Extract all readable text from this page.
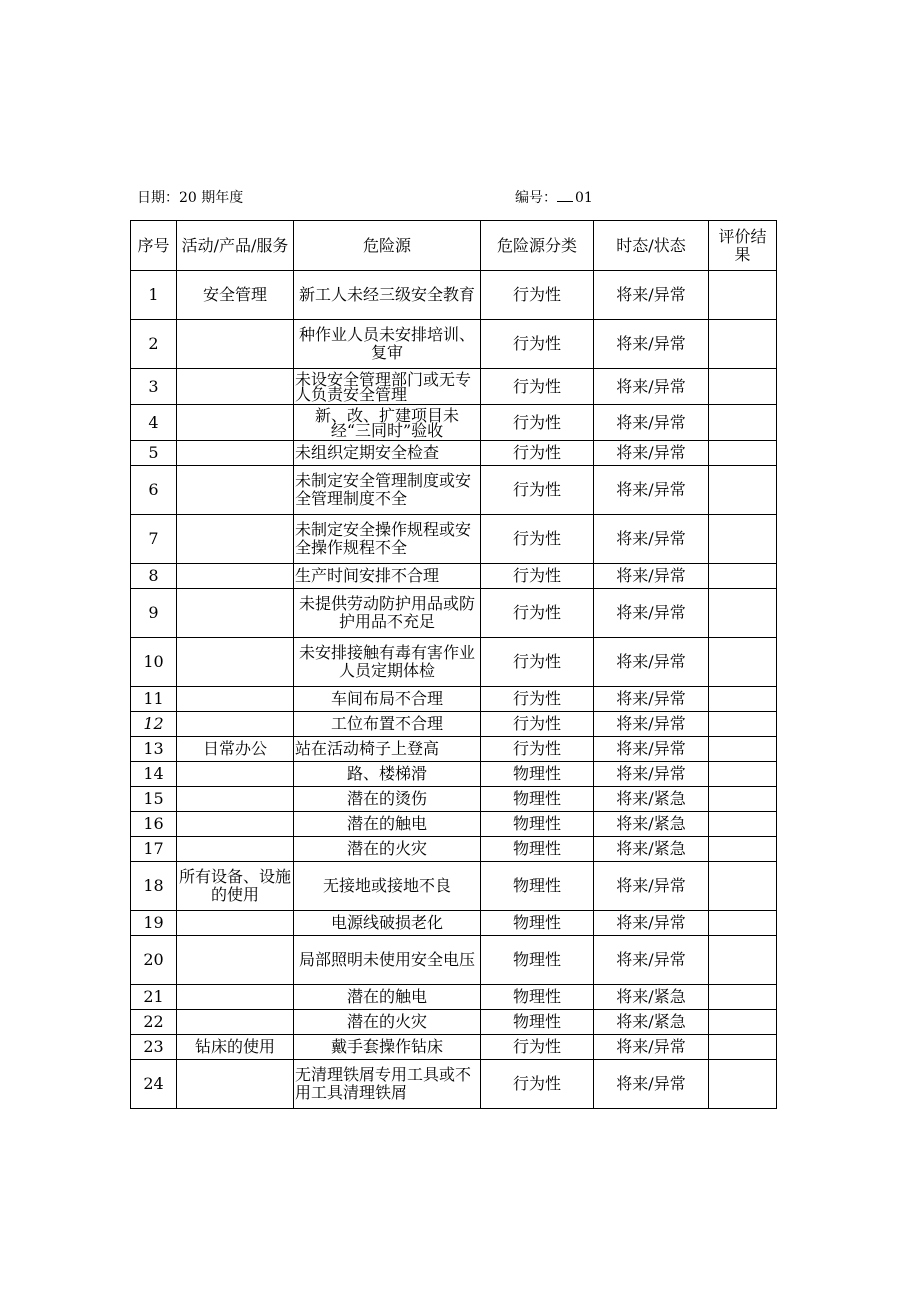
日期：20 期年度	编号： 01
序号	活动/产品/服务	危险源	危险源分类	时态/状态	评价结果
1	安全管理	新工人未经三级安全教育	行为性	将来/异常	
2		种作业人员未安排培训、复审	行为性	将来/异常	
3		未设安全管理部门或无专人负责安全管理	行为性	将来/异常	
4		新、改、扩建项目未经“三同时”验收	行为性	将来/异常	
5		未组织定期安全检查	行为性	将来/异常	
6		未制定安全管理制度或安全管理制度不全	行为性	将来/异常	
7		未制定安全操作规程或安全操作规程不全	行为性	将来/异常	
8		生产时间安排不合理	行为性	将来/异常	
9		未提供劳动防护用品或防护用品不充足	行为性	将来/异常	
10		未安排接触有毒有害作业人员定期体检	行为性	将来/异常	
11		车间布局不合理	行为性	将来/异常	
12		工位布置不合理	行为性	将来/异常	
13	日常办公	站在活动椅子上登高	行为性	将来/异常	
14		路、楼梯滑	物理性	将来/异常	
15		潜在的烫伤	物理性	将来/紧急	
16		潜在的触电	物理性	将来/紧急	
17		潜在的火灾	物理性	将来/紧急	
18	所有设备、设施的使用	无接地或接地不良	物理性	将来/异常	
19		电源线破损老化	物理性	将来/异常	
20		局部照明未使用安全电压	物理性	将来/异常	
21		潜在的触电	物理性	将来/紧急	
22		潜在的火灾	物理性	将来/紧急	
23	钻床的使用	戴手套操作钻床	行为性	将来/异常	
24		无清理铁屑专用工具或不用工具清理铁屑	行为性	将来/异常	
